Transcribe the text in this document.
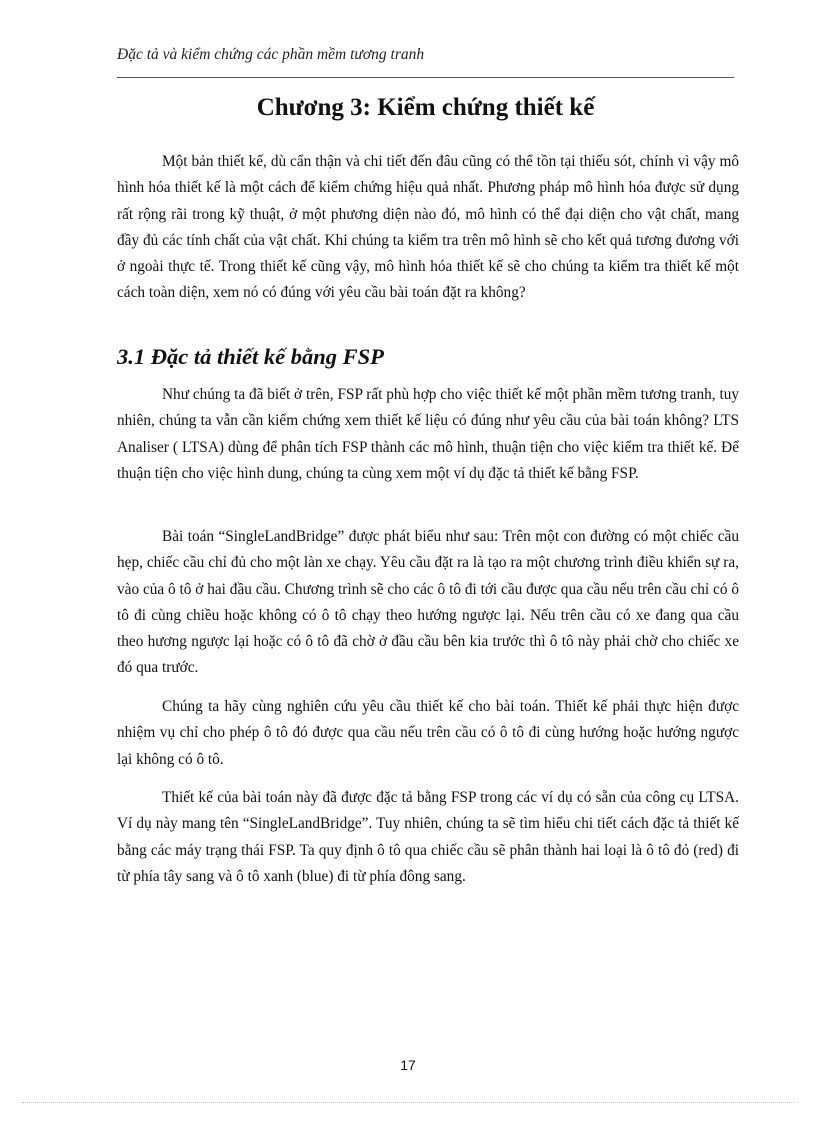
Đặc tả và kiểm chứng các phần mềm tương tranh
Chương 3: Kiểm chứng thiết kế

Một bản thiết kế, dù cẩn thận và chi tiết đến đâu cũng có thể tồn tại thiếu sót, chính vì vậy mô hình hóa thiết kế là một cách để kiểm chứng hiệu quả nhất. Phương pháp mô hình hóa được sử dụng rất rộng rãi trong kỹ thuật, ở một phương diện nào đó, mô hình có thể đại diện cho vật chất, mang đầy đủ các tính chất của vật chất. Khi chúng ta kiểm tra trên mô hình sẽ cho kết quả tương đương với ở ngoài thực tế. Trong thiết kế cũng vậy, mô hình hóa thiết kế sẽ cho chúng ta kiểm tra thiết kế một cách toàn diện, xem nó có đúng với yêu cầu bài toán đặt ra không?

3.1 Đặc tả thiết kế bằng FSP

Như chúng ta đã biết ở trên, FSP rất phù hợp cho việc thiết kế một phần mềm tương tranh, tuy nhiên, chúng ta vẫn cần kiểm chứng xem thiết kế liệu có đúng như yêu cầu của bài toán không? LTS Analiser ( LTSA) dùng để phân tích FSP thành các mô hình, thuận tiện cho việc kiểm tra thiết kế. Để thuận tiện cho việc hình dung, chúng ta cùng xem một ví dụ đặc tả thiết kế bằng FSP.

Bài toán “SingleLandBridge” được phát biểu như sau: Trên một con đường có một chiếc cầu hẹp, chiếc cầu chỉ đủ cho một làn xe chạy. Yêu cầu đặt ra là tạo ra một chương trình điều khiển sự ra, vào của ô tô ở hai đầu cầu. Chương trình sẽ cho các ô tô đi tới cầu được qua cầu nếu trên cầu chỉ có ô tô đi cùng chiều hoặc không có ô tô chạy theo hướng ngược lại. Nếu trên cầu có xe đang qua cầu theo hương ngược lại hoặc có ô tô đã chờ ở đầu cầu bên kia trước thì ô tô này phải chờ cho chiếc xe đó qua trước.

Chúng ta hãy cùng nghiên cứu yêu cầu thiết kế cho bài toán. Thiết kế phải thực hiện được nhiệm vụ chỉ cho phép ô tô đó được qua cầu nếu trên cầu có ô tô đi cùng hướng hoặc hướng ngược lại không có ô tô.

Thiết kế của bài toán này đã được đặc tả bằng FSP trong các ví dụ có sẵn của công cụ LTSA. Ví dụ này mang tên “SingleLandBridge”. Tuy nhiên, chúng ta sẽ tìm hiểu chi tiết cách đặc tả thiết kế bằng các máy trạng thái FSP. Ta quy định ô tô qua chiếc cầu sẽ phân thành hai loại là ô tô đỏ (red) đi từ phía tây sang và ô tô xanh (blue) đi từ phía đông sang.

17
